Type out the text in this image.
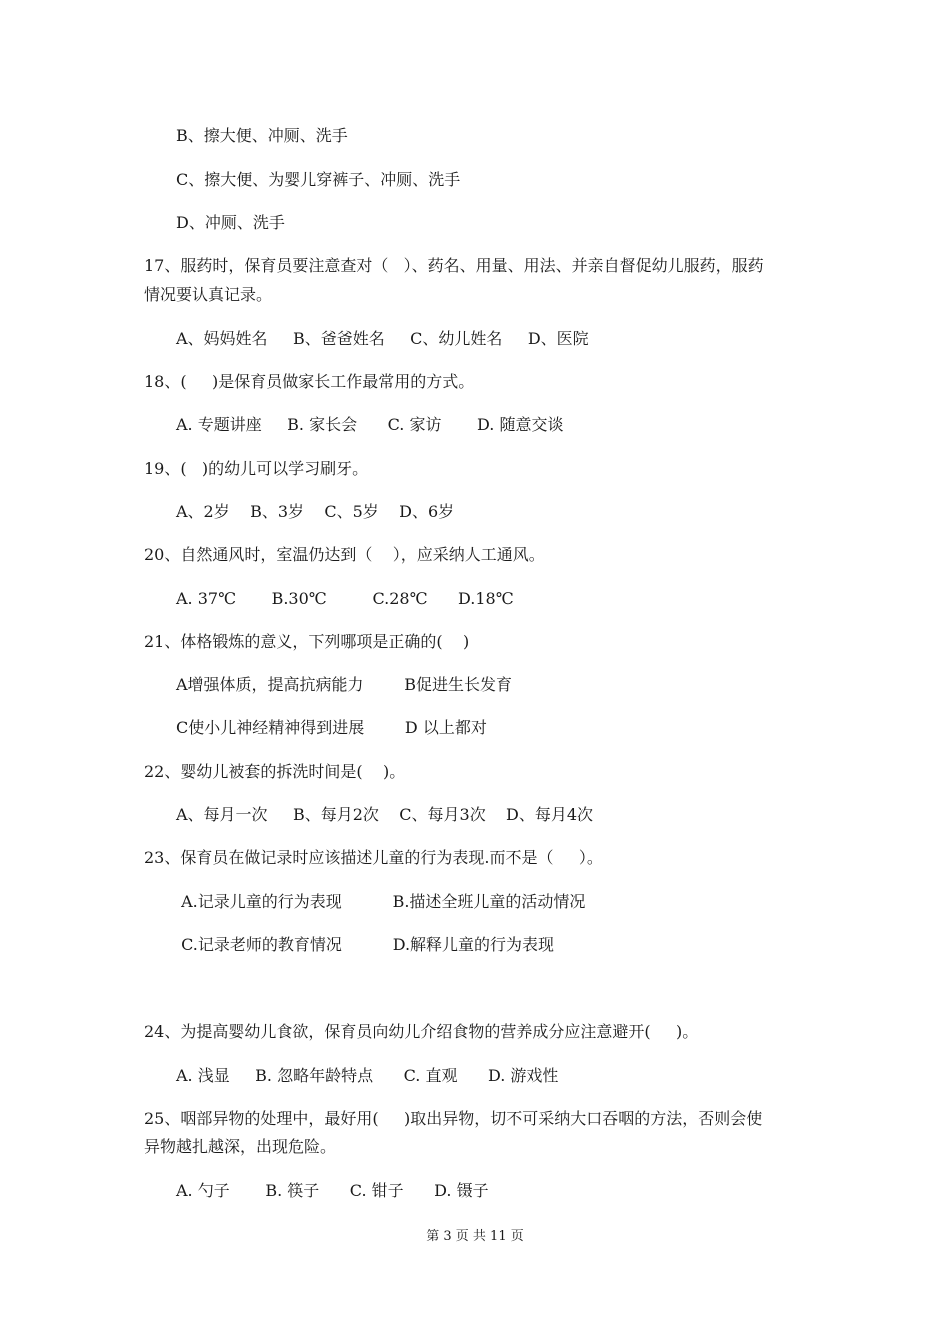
B、擦大便、冲厕、洗手
C、擦大便、为婴儿穿裤子、冲厕、洗手
D、冲厕、洗手
17、服药时，保育员要注意查对（   ）、药名、用量、用法、并亲自督促幼儿服药，服药
情况要认真记录。
A、妈妈姓名     B、爸爸姓名     C、幼儿姓名     D、医院
18、(     )是保育员做家长工作最常用的方式。
A. 专题讲座     B. 家长会      C. 家访       D. 随意交谈
19、(   )的幼儿可以学习刷牙。
A、2岁    B、3岁    C、5岁    D、6岁
20、自然通风时，室温仍达到（    ），应采纳人工通风。
A. 37℃       B.30℃         C.28℃      D.18℃
21、体格锻炼的意义，下列哪项是正确的(    )
A增强体质，提高抗病能力        B促进生长发育
C使小儿神经精神得到进展        D 以上都对
22、婴幼儿被套的拆洗时间是(    )。
A、每月一次     B、每月2次    C、每月3次    D、每月4次
23、保育员在做记录时应该描述儿童的行为表现.而不是（     ）。
A.记录儿童的行为表现          B.描述全班儿童的活动情况
C.记录老师的教育情况          D.解释儿童的行为表现
24、为提高婴幼儿食欲，保育员向幼儿介绍食物的营养成分应注意避开(     )。
A. 浅显     B. 忽略年龄特点      C. 直观      D. 游戏性
25、咽部异物的处理中，最好用(     )取出异物，切不可采纳大口吞咽的方法，否则会使
异物越扎越深，出现危险。
A. 勺子       B. 筷子      C. 钳子      D. 镊子
第 3 页 共 11 页
